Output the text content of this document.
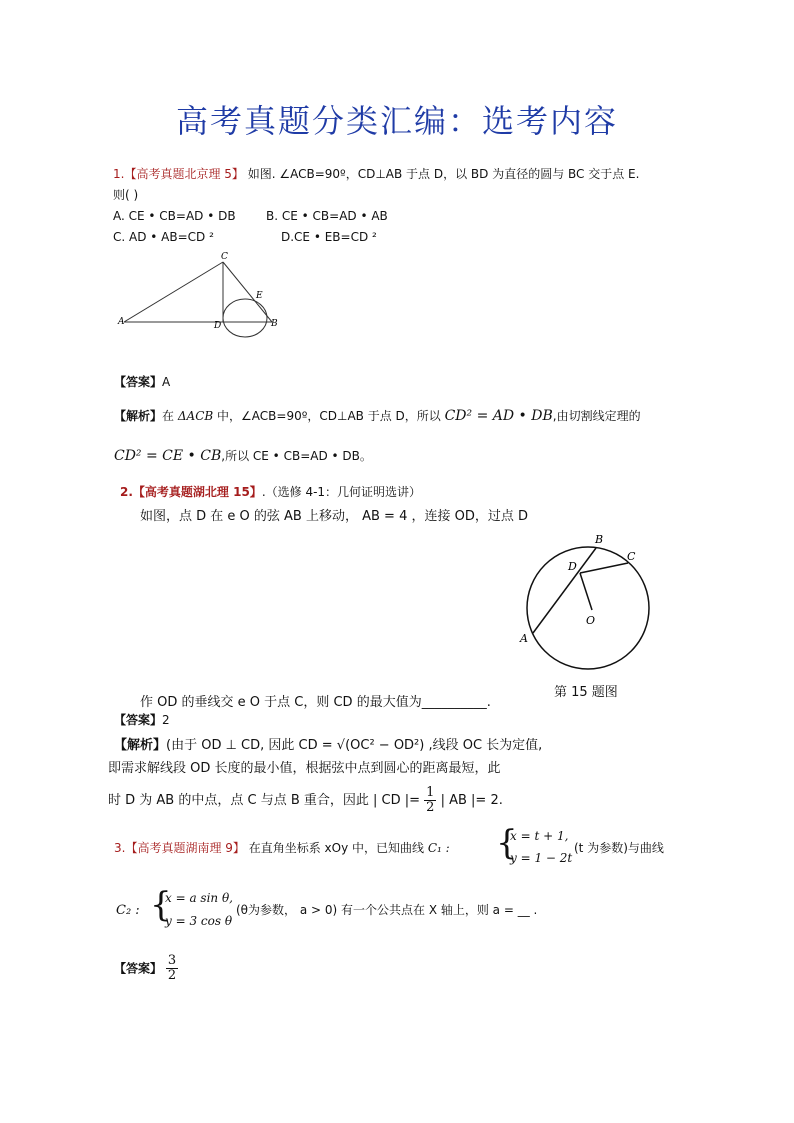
高考真题分类汇编：选考内容
1.【高考真题北京理 5】 如图. ∠ACB=90º，CD⊥AB 于点 D，以 BD 为直径的圆与 BC 交于点 E.
则( )
A. CE • CB=AD • DB	B. CE • CB=AD • AB
C. AD • AB=CD ²	D.CE • EB=CD ²
A
C
D
E
B
【答案】A
【解析】在 ΔACB 中，∠ACB=90º，CD⊥AB 于点 D，所以 CD² = AD • DB,由切割线定理的
CD² = CE • CB,所以 CE • CB=AD • DB。
2.【高考真题湖北理 15】.（选修 4-1：几何证明选讲）
如图，点 D 在 e O 的弦 AB 上移动， AB = 4 ，连接 OD，过点 D
A
B
C
D
O
第 15 题图
作 OD 的垂线交 e O 于点 C，则 CD 的最大值为__________.
【答案】2
【解析】(由于 OD ⊥ CD, 因此 CD = √(OC² − OD²) ,线段 OC 长为定值,
即需求解线段 OD 长度的最小值，根据弦中点到圆心的距离最短，此
时 D 为 AB 的中点，点 C 与点 B 重合，因此 | CD |= $\frac{1}{2}$ | AB |= 2.
3.【高考真题湖南理 9】 在直角坐标系 xOy 中，已知曲线 C₁ : {
x = t + 1,
y = 1 − 2t
(t 为参数)与曲线
C₂ : {
x = a sin θ,
y = 3 cos θ
(θ为参数， a > 0) 有一个公共点在 X 轴上，则 a = __ .
【答案】 $\frac{3}{2}$
